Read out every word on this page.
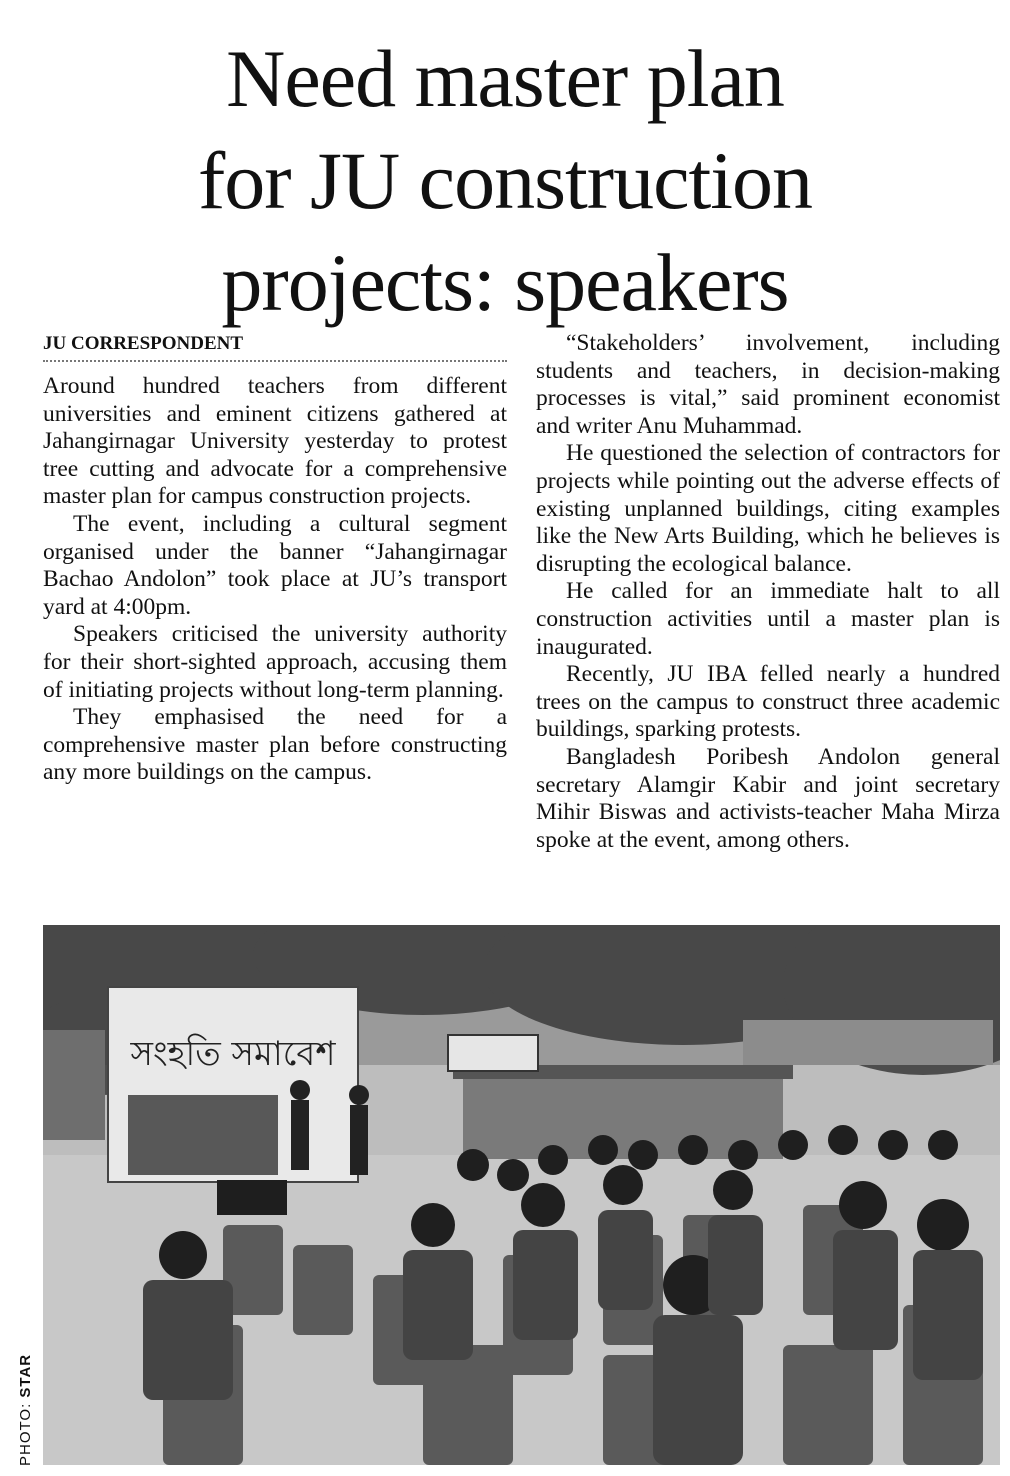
Need master plan
for JU construction
projects: speakers
JU CORRESPONDENT

Around hundred teachers from different universities and eminent citizens gathered at Jahangirnagar University yesterday to protest tree cutting and advocate for a comprehensive master plan for campus construction projects.

The event, including a cultural segment organised under the banner “Jahangirnagar Bachao Andolon” took place at JU’s transport yard at 4:00pm.

Speakers criticised the university authority for their short-sighted approach, accusing them of initiating projects without long-term planning.

They emphasised the need for a comprehensive master plan before constructing any more buildings on the campus.

“Stakeholders’ involvement, including students and teachers, in decision-making processes is vital,” said prominent economist and writer Anu Muhammad.

He questioned the selection of contractors for projects while pointing out the adverse effects of existing unplanned buildings, citing examples like the New Arts Building, which he believes is disrupting the ecological balance.

He called for an immediate halt to all construction activities until a master plan is inaugurated.

Recently, JU IBA felled nearly a hundred trees on the campus to construct three academic buildings, sparking protests.

Bangladesh Poribesh Andolon general secretary Alamgir Kabir and joint secretary Mihir Biswas and activists-teacher Maha Mirza spoke at the event, among others.

সংহতি সমাবেশ
PHOTO: STAR
